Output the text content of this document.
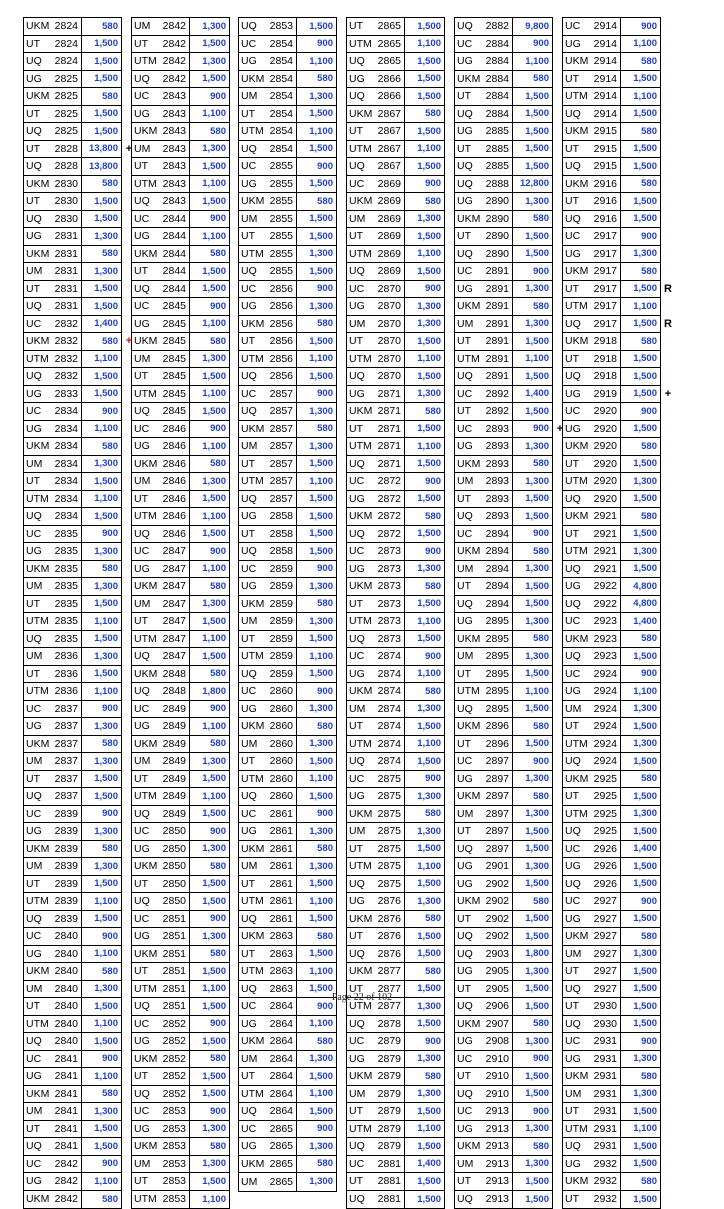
UKM 2824	580
UT	2824	1,500
UQ	2824	1,500
UG	2825	1,500
UKM 2825	580
UT	2825	1,500
UQ	2825	1,500
UT	2828	13,800
UQ	2828	13,800
UKM 2830	580
UT	2830	1,500
UQ	2830	1,500
UG	2831	1,300
UKM 2831	580
UM	2831	1,300
UT	2831	1,500
UQ	2831	1,500
UC	2832	1,400
UKM 2832	580
UTM 2832	1,100
UQ	2832	1,500
UG	2833	1,500
UC	2834	900
UG	2834	1,100
UKM 2834	580
UM	2834	1,300
UT	2834	1,500
UTM 2834	1,100
UQ	2834	1,500
UC	2835	900
UG	2835	1,300
UKM 2835	580
UM	2835	1,300
UT	2835	1,500
UTM 2835	1,100
UQ	2835	1,500
UM	2836	1,300
UT	2836	1,500
UTM 2836	1,100
UC	2837	900
UG	2837	1,300
UKM 2837	580
UM	2837	1,300
UT	2837	1,500
UQ	2837	1,500
UC	2839	900
UG	2839	1,300
UKM 2839	580
UM	2839	1,300
UT	2839	1,500
UTM 2839	1,100
UQ	2839	1,500
UC	2840	900
UG	2840	1,100
UKM 2840	580
UM	2840	1,300
UT	2840	1,500
UTM 2840	1,100
UQ	2840	1,500
UC	2841	900
UG	2841	1,100
UKM 2841	580
UM	2841	1,300
UT	2841	1,500
UQ	2841	1,500
UC	2842	900
UG	2842	1,100
UKM 2842	580
UM	2842	1,300
UT	2842	1,500
UTM 2842	1,300
UQ	2842	1,500
UC	2843	900
UG	2843	1,100
UKM 2843	580
UM	2843	1,300
UT	2843	1,500
UTM 2843	1,100
UQ	2843	1,500
UC	2844	900
UG	2844	1,100
UKM 2844	580
UT	2844	1,500
UQ	2844	1,500
UC	2845	900
UG	2845	1,100
UKM 2845	580
UM	2845	1,300
UT	2845	1,500
UTM 2845	1,100
UQ	2845	1,500
UC	2846	900
UG	2846	1,100
UKM 2846	580
UM	2846	1,300
UT	2846	1,500
UTM 2846	1,100
UQ	2846	1,500
UC	2847	900
UG	2847	1,100
UKM 2847	580
UM	2847	1,300
UT	2847	1,500
UTM 2847	1,100
UQ	2847	1,500
UKM 2848	580
UQ	2848	1,800
UC	2849	900
UG	2849	1,100
UKM 2849	580
UM	2849	1,300
UT	2849	1,500
UTM 2849	1,100
UQ	2849	1,500
UC	2850	900
UG	2850	1,300
UKM 2850	580
UT	2850	1,500
UQ	2850	1,500
UC	2851	900
UG	2851	1,300
UKM 2851	580
UT	2851	1,500
UTM 2851	1,100
UQ	2851	1,500
UC	2852	900
UG	2852	1,500
UKM 2852	580
UT	2852	1,500
UQ	2852	1,500
UC	2853	900
UG	2853	1,300
UKM 2853	580
UM	2853	1,300
UT	2853	1,500
UTM 2853	1,100
UQ	2853	1,500
UC	2854	900
UG	2854	1,100
UKM 2854	580
UM	2854	1,300
UT	2854	1,500
UTM 2854	1,100
UQ	2854	1,500
UC	2855	900
UG	2855	1,500
UKM 2855	580
UM	2855	1,500
UT	2855	1,500
UTM 2855	1,300
UQ	2855	1,500
UC	2856	900
UG	2856	1,300
UKM 2856	580
UT	2856	1,500
UTM 2856	1,100
UQ	2856	1,500
UC	2857	900
UQ	2857	1,300
UKM 2857	580
UM	2857	1,300
UT	2857	1,500
UTM 2857	1,100
UQ	2857	1,500
UG	2858	1,500
UT	2858	1,500
UQ	2858	1,500
UC	2859	900
UG	2859	1,300
UKM 2859	580
UM	2859	1,300
UT	2859	1,500
UTM 2859	1,100
UQ	2859	1,500
UC	2860	900
UG	2860	1,300
UKM 2860	580
UM	2860	1,300
UT	2860	1,500
UTM 2860	1,100
UQ	2860	1,500
UC	2861	900
UG	2861	1,300
UKM 2861	580
UM	2861	1,300
UT	2861	1,500
UTM 2861	1,100
UQ	2861	1,500
UKM 2863	580
UT	2863	1,500
UTM 2863	1,100
UQ	2863	1,500
UC	2864	900
UG	2864	1,100
UKM 2864	580
UM	2864	1,300
UT	2864	1,500
UTM 2864	1,100
UQ	2864	1,500
UC	2865	900
UG	2865	1,300
UKM 2865	580
UM	2865	1,300
UT	2865	1,500
UTM 2865	1,100
UQ	2865	1,500
UG	2866	1,500
UQ	2866	1,500
UKM 2867	580
UT	2867	1,500
UTM 2867	1,100
UQ	2867	1,500
UC	2869	900
UKM 2869	580
UM	2869	1,300
UT	2869	1,500
UTM 2869	1,100
UQ	2869	1,500
UC	2870	900
UG	2870	1,300
UM	2870	1,300
UT	2870	1,500
UTM 2870	1,100
UQ	2870	1,500
UG	2871	1,300
UKM 2871	580
UT	2871	1,500
UTM 2871	1,100
UQ	2871	1,500
UC	2872	900
UG	2872	1,500
UKM 2872	580
UQ	2872	1,500
UC	2873	900
UG	2873	1,300
UKM 2873	580
UT	2873	1,500
UTM 2873	1,100
UQ	2873	1,500
UC	2874	900
UG	2874	1,100
UKM 2874	580
UM	2874	1,300
UT	2874	1,500
UTM 2874	1,100
UQ	2874	1,500
UC	2875	900
UG	2875	1,300
UKM 2875	580
UM	2875	1,300
UT	2875	1,500
UTM 2875	1,100
UQ	2875	1,500
UG	2876	1,300
UKM 2876	580
UT	2876	1,500
UQ	2876	1,500
UKM 2877	580
UT	2877	1,500
UTM 2877	1,300
UQ	2878	1,500
UC	2879	900
UG	2879	1,300
UKM 2879	580
UM	2879	1,300
UT	2879	1,500
UTM 2879	1,100
UQ	2879	1,500
UC	2881	1,400
UT	2881	1,500
UQ	2881	1,500
UQ	2882	9,800
UC	2884	900
UG	2884	1,100
UKM 2884	580
UT	2884	1,500
UQ	2884	1,500
UG	2885	1,500
UT	2885	1,500
UQ	2885	1,500
UQ	2888	12,800
UG	2890	1,300
UKM 2890	580
UT	2890	1,500
UQ	2890	1,500
UC	2891	900
UG	2891	1,300
UKM 2891	580
UM	2891	1,300
UT	2891	1,500
UTM 2891	1,100
UQ	2891	1,500
UC	2892	1,400
UT	2892	1,500
UC	2893	900
UG	2893	1,300
UKM 2893	580
UM	2893	1,300
UT	2893	1,500
UQ	2893	1,500
UC	2894	900
UKM 2894	580
UM	2894	1,300
UT	2894	1,500
UQ	2894	1,500
UG	2895	1,300
UKM 2895	580
UM	2895	1,300
UT	2895	1,500
UTM 2895	1,100
UQ	2895	1,500
UKM 2896	580
UT	2896	1,500
UC	2897	900
UG	2897	1,300
UKM 2897	580
UM	2897	1,300
UT	2897	1,500
UQ	2897	1,500
UG	2901	1,300
UG	2902	1,500
UKM 2902	580
UT	2902	1,500
UQ	2902	1,500
UQ	2903	1,800
UG	2905	1,300
UT	2905	1,500
UQ	2906	1,500
UKM 2907	580
UG	2908	1,300
UC	2910	900
UT	2910	1,500
UQ	2910	1,500
UC	2913	900
UG	2913	1,300
UKM 2913	580
UM	2913	1,300
UT	2913	1,500
UQ	2913	1,500
UC	2914	900
UG	2914	1,100
UKM 2914	580
UT	2914	1,500
UTM 2914	1,100
UQ	2914	1,500
UKM 2915	580
UT	2915	1,500
UQ	2915	1,500
UKM 2916	580
UT	2916	1,500
UQ	2916	1,500
UC	2917	900
UG	2917	1,300
UKM 2917	580
UT	2917	1,500
UTM 2917	1,100
UQ	2917	1,500
UKM 2918	580
UT	2918	1,500
UQ	2918	1,500
UG	2919	1,500
UC	2920	900
UG	2920	1,500
UKM 2920	580
UT	2920	1,500
UTM 2920	1,300
UQ	2920	1,500
UKM 2921	580
UT	2921	1,500
UTM 2921	1,300
UQ	2921	1,500
UG	2922	4,800
UQ	2922	4,800
UC	2923	1,400
UKM 2923	580
UQ	2923	1,500
UC	2924	900
UG	2924	1,100
UM	2924	1,300
UT	2924	1,500
UTM 2924	1,300
UQ	2924	1,500
UKM 2925	580
UT	2925	1,500
UTM 2925	1,300
UQ	2925	1,500
UC	2926	1,400
UG	2926	1,500
UQ	2926	1,500
UC	2927	900
UG	2927	1,500
UKM 2927	580
UM	2927	1,300
UT	2927	1,500
UQ	2927	1,500
UT	2930	1,500
UQ	2930	1,500
UC	2931	900
UG	2931	1,300
UKM 2931	580
UM	2931	1,300
UT	2931	1,500
UTM 2931	1,100
UQ	2931	1,500
UG	2932	1,500
UKM 2932	580
UT	2932	1,500
+
+
+
R
R
+
Page 22 of 102
